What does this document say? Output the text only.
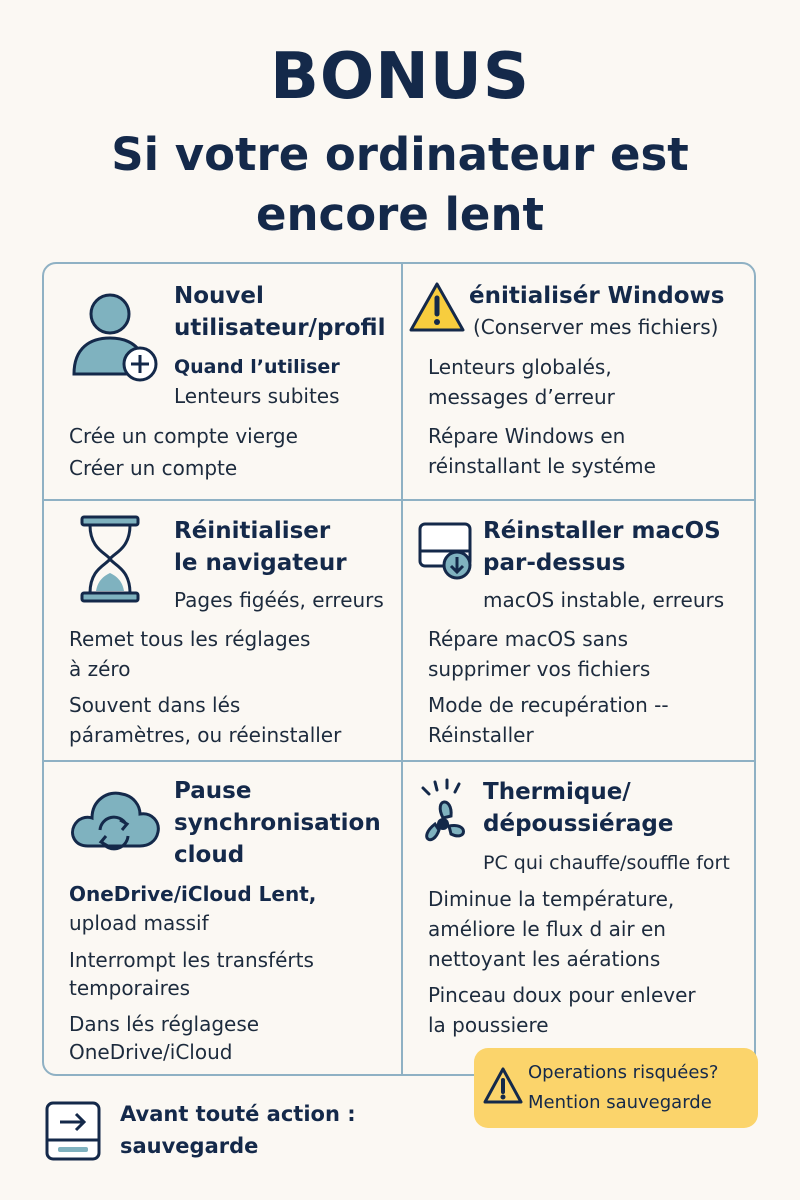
BONUS
Si votre ordinateur est
encore lent
Nouvel
utilisateur/profil
Quand l’utiliser
Lenteurs subites
Crée un compte vierge
Créer un compte
énitialisér Windows
(Conserver mes fichiers)
Lenteurs globalés,
messages d’erreur
Répare Windows en
réinstallant le systéme
Réinitialiser
le navigateur
Pages figéés, erreurs
Remet tous les réglages
à zéro
Souvent dans lés
páramètres, ou réeinstaller
Réinstaller macOS
par-dessus
macOS instable, erreurs
Répare macOS sans
supprimer vos fichiers
Mode de recupération --
Réinstaller
Pause
synchronisation
cloud
OneDrive/iCloud Lent,
upload massif
Interrompt les transférts
temporaires
Dans lés réglagese
OneDrive/iCloud
Thermique/
dépoussiérage
PC qui chauffe/souffle fort
Diminue la température,
améliore le flux d air en
nettoyant les aérations
Pinceau doux pour enlever
la poussiere
Operations risquées?
Mention sauvegarde
Avant touté action :
sauvegarde
